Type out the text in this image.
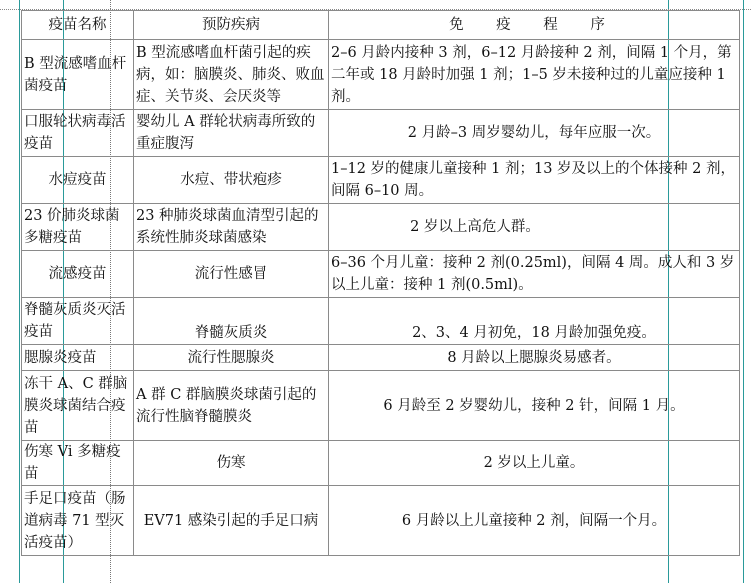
疫苗名称	预防疾病	免 疫 程 序
B 型流感嗜血杆菌疫苗	B 型流感嗜血杆菌引起的疾病，如：脑膜炎、肺炎、败血症、关节炎、会厌炎等	2–6 月龄内接种 3 剂，6–12 月龄接种 2 剂，间隔 1 个月，第二年或 18 月龄时加强 1 剂；1–5 岁未接种过的儿童应接种 1 剂。
口服轮状病毒活疫苗	婴幼儿 A 群轮状病毒所致的重症腹泻	2 月龄–3 周岁婴幼儿，每年应服一次。
水痘疫苗	水痘、带状疱疹	1–12 岁的健康儿童接种 1 剂；13 岁及以上的个体接种 2 剂，间隔 6–10 周。
23 价肺炎球菌多糖疫苗	23 种肺炎球菌血清型引起的系统性肺炎球菌感染	2 岁以上高危人群。
流感疫苗	流行性感冒	6–36 个月儿童：接种 2 剂(0.25ml)，间隔 4 周。成人和 3 岁以上儿童：接种 1 剂(0.5ml)。
脊髓灰质炎灭活疫苗	脊髓灰质炎	2、3、4 月初免，18 月龄加强免疫。
腮腺炎疫苗	流行性腮腺炎	8 月龄以上腮腺炎易感者。
冻干 A、C 群脑膜炎球菌结合疫苗	A 群 C 群脑膜炎球菌引起的流行性脑脊髓膜炎	6 月龄至 2 岁婴幼儿，接种 2 针，间隔 1 月。
伤寒 Vi 多糖疫苗	伤寒	2 岁以上儿童。
手足口疫苗（肠道病毒 71 型灭活疫苗）	EV71 感染引起的手足口病	6 月龄以上儿童接种 2 剂，间隔一个月。
